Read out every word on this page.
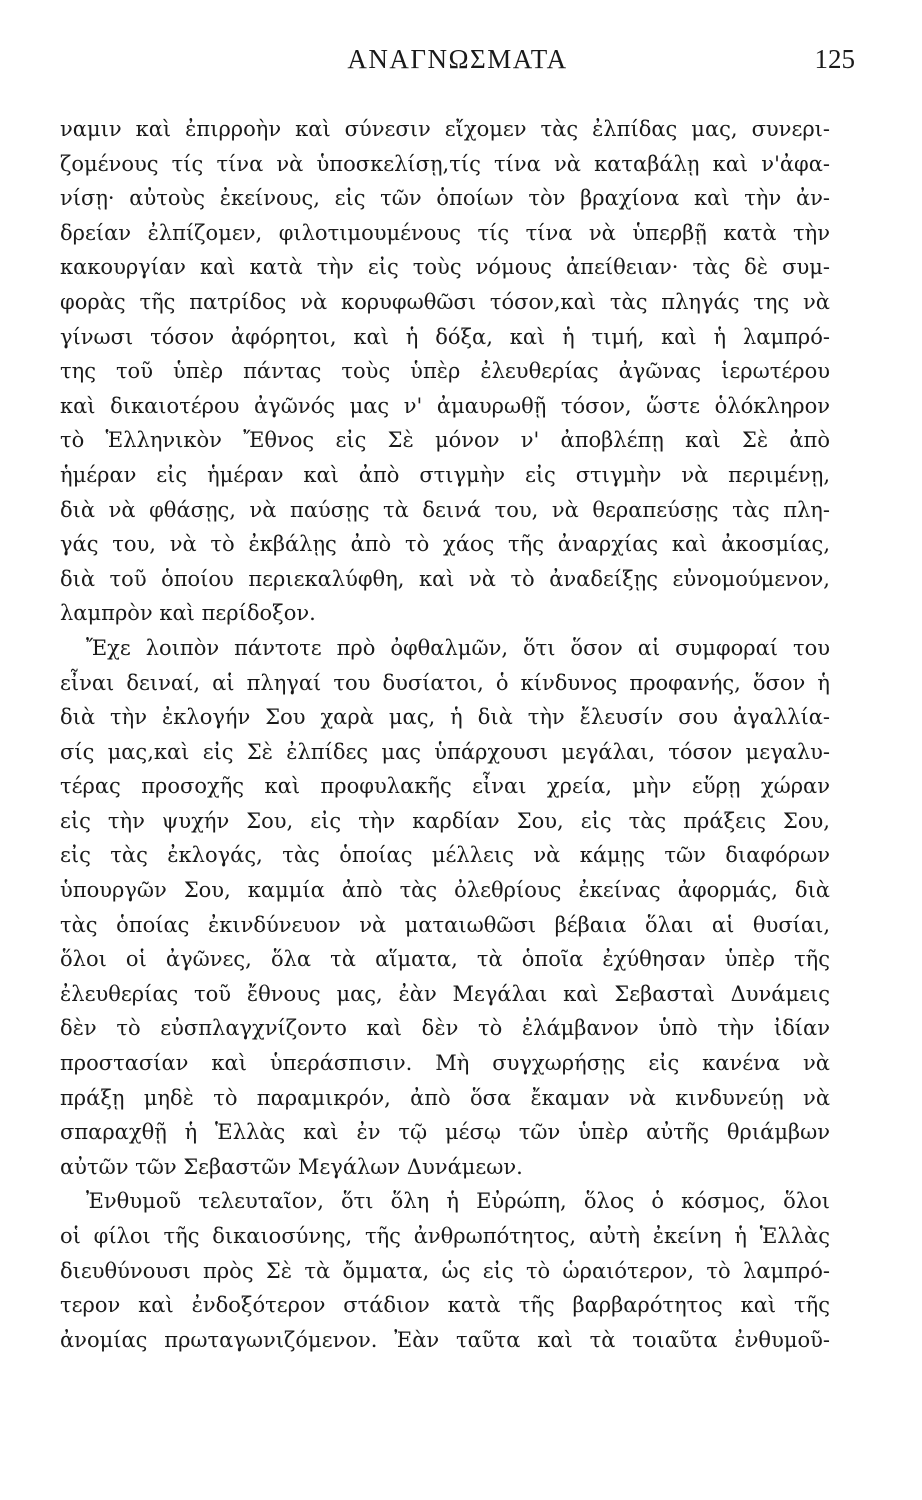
ΑΝΑΓΝΩΣΜΑΤΑ	125
ναμιν καὶ ἐπιρροὴν καὶ σύνεσιν εἴχομεν τὰς ἐλπίδας μας, συνερι-
ζομένους τίς τίνα νὰ ὑποσκελίσῃ,τίς τίνα νὰ καταβάλῃ καὶ ν'ἀφα-
νίσῃ· αὐτοὺς ἐκείνους, εἰς τῶν ὁποίων τὸν βραχίονα καὶ τὴν ἀν-
δρείαν ἐλπίζομεν, φιλοτιμουμένους τίς τίνα νὰ ὑπερβῇ κατὰ τὴν
κακουργίαν καὶ κατὰ τὴν εἰς τοὺς νόμους ἀπείθειαν· τὰς δὲ συμ-
φορὰς τῆς πατρίδος νὰ κορυφωθῶσι τόσον,καὶ τὰς πληγάς της νὰ
γίνωσι τόσον ἀφόρητοι, καὶ ἡ δόξα, καὶ ἡ τιμή, καὶ ἡ λαμπρό-
της τοῦ ὑπὲρ πάντας τοὺς ὑπὲρ ἐλευθερίας ἀγῶνας ἱερωτέρου
καὶ δικαιοτέρου ἀγῶνός μας ν' ἀμαυρωθῇ τόσον, ὥστε ὁλόκληρον
τὸ Ἑλληνικὸν Ἔθνος εἰς Σὲ μόνον ν' ἀποβλέπῃ καὶ Σὲ ἀπὸ
ἡμέραν εἰς ἡμέραν καὶ ἀπὸ στιγμὴν εἰς στιγμὴν νὰ περιμένῃ,
διὰ νὰ φθάσῃς, νὰ παύσῃς τὰ δεινά του, νὰ θεραπεύσῃς τὰς πλη-
γάς του, νὰ τὸ ἐκβάλῃς ἀπὸ τὸ χάος τῆς ἀναρχίας καὶ ἀκοσμίας,
διὰ τοῦ ὁποίου περιεκαλύφθη, καὶ νὰ τὸ ἀναδείξῃς εὐνομούμενον,
λαμπρὸν καὶ περίδοξον.
Ἔχε λοιπὸν πάντοτε πρὸ ὀφθαλμῶν, ὅτι ὅσον αἱ συμφοραί του
εἶναι δειναί, αἱ πληγαί του δυσίατοι, ὁ κίνδυνος προφανής, ὅσον ἡ
διὰ τὴν ἐκλογήν Σου χαρὰ μας, ἡ διὰ τὴν ἔλευσίν σου ἀγαλλία-
σίς μας,καὶ εἰς Σὲ ἐλπίδες μας ὑπάρχουσι μεγάλαι, τόσον μεγαλυ-
τέρας προσοχῆς καὶ προφυλακῆς εἶναι χρεία, μὴν εὕρῃ χώραν
εἰς τὴν ψυχήν Σου, εἰς τὴν καρδίαν Σου, εἰς τὰς πράξεις Σου,
εἰς τὰς ἐκλογάς, τὰς ὁποίας μέλλεις νὰ κάμῃς τῶν διαφόρων
ὑπουργῶν Σου, καμμία ἀπὸ τὰς ὀλεθρίους ἐκείνας ἀφορμάς, διὰ
τὰς ὁποίας ἐκινδύνευον νὰ ματαιωθῶσι βέβαια ὅλαι αἱ θυσίαι,
ὅλοι οἱ ἀγῶνες, ὅλα τὰ αἵματα, τὰ ὁποῖα ἐχύθησαν ὑπὲρ τῆς
ἐλευθερίας τοῦ ἔθνους μας, ἐὰν Μεγάλαι καὶ Σεβασταὶ Δυνάμεις
δὲν τὸ εὐσπλαγχνίζοντο καὶ δὲν τὸ ἐλάμβανον ὑπὸ τὴν ἰδίαν
προστασίαν καὶ ὑπεράσπισιν. Μὴ συγχωρήσῃς εἰς κανένα νὰ
πράξῃ μηδὲ τὸ παραμικρόν, ἀπὸ ὅσα ἔκαμαν νὰ κινδυνεύῃ νὰ
σπαραχθῇ ἡ Ἑλλὰς καὶ ἐν τῷ μέσῳ τῶν ὑπὲρ αὐτῆς θριάμβων
αὐτῶν τῶν Σεβαστῶν Μεγάλων Δυνάμεων.
Ἐνθυμοῦ τελευταῖον, ὅτι ὅλη ἡ Εὐρώπη, ὅλος ὁ κόσμος, ὅλοι
οἱ φίλοι τῆς δικαιοσύνης, τῆς ἀνθρωπότητος, αὐτὴ ἐκείνη ἡ Ἑλλὰς
διευθύνουσι πρὸς Σὲ τὰ ὄμματα, ὡς εἰς τὸ ὡραιότερον, τὸ λαμπρό-
τερον καὶ ἐνδοξότερον στάδιον κατὰ τῆς βαρβαρότητος καὶ τῆς
ἀνομίας πρωταγωνιζόμενον. Ἐὰν ταῦτα καὶ τὰ τοιαῦτα ἐνθυμοῦ-
